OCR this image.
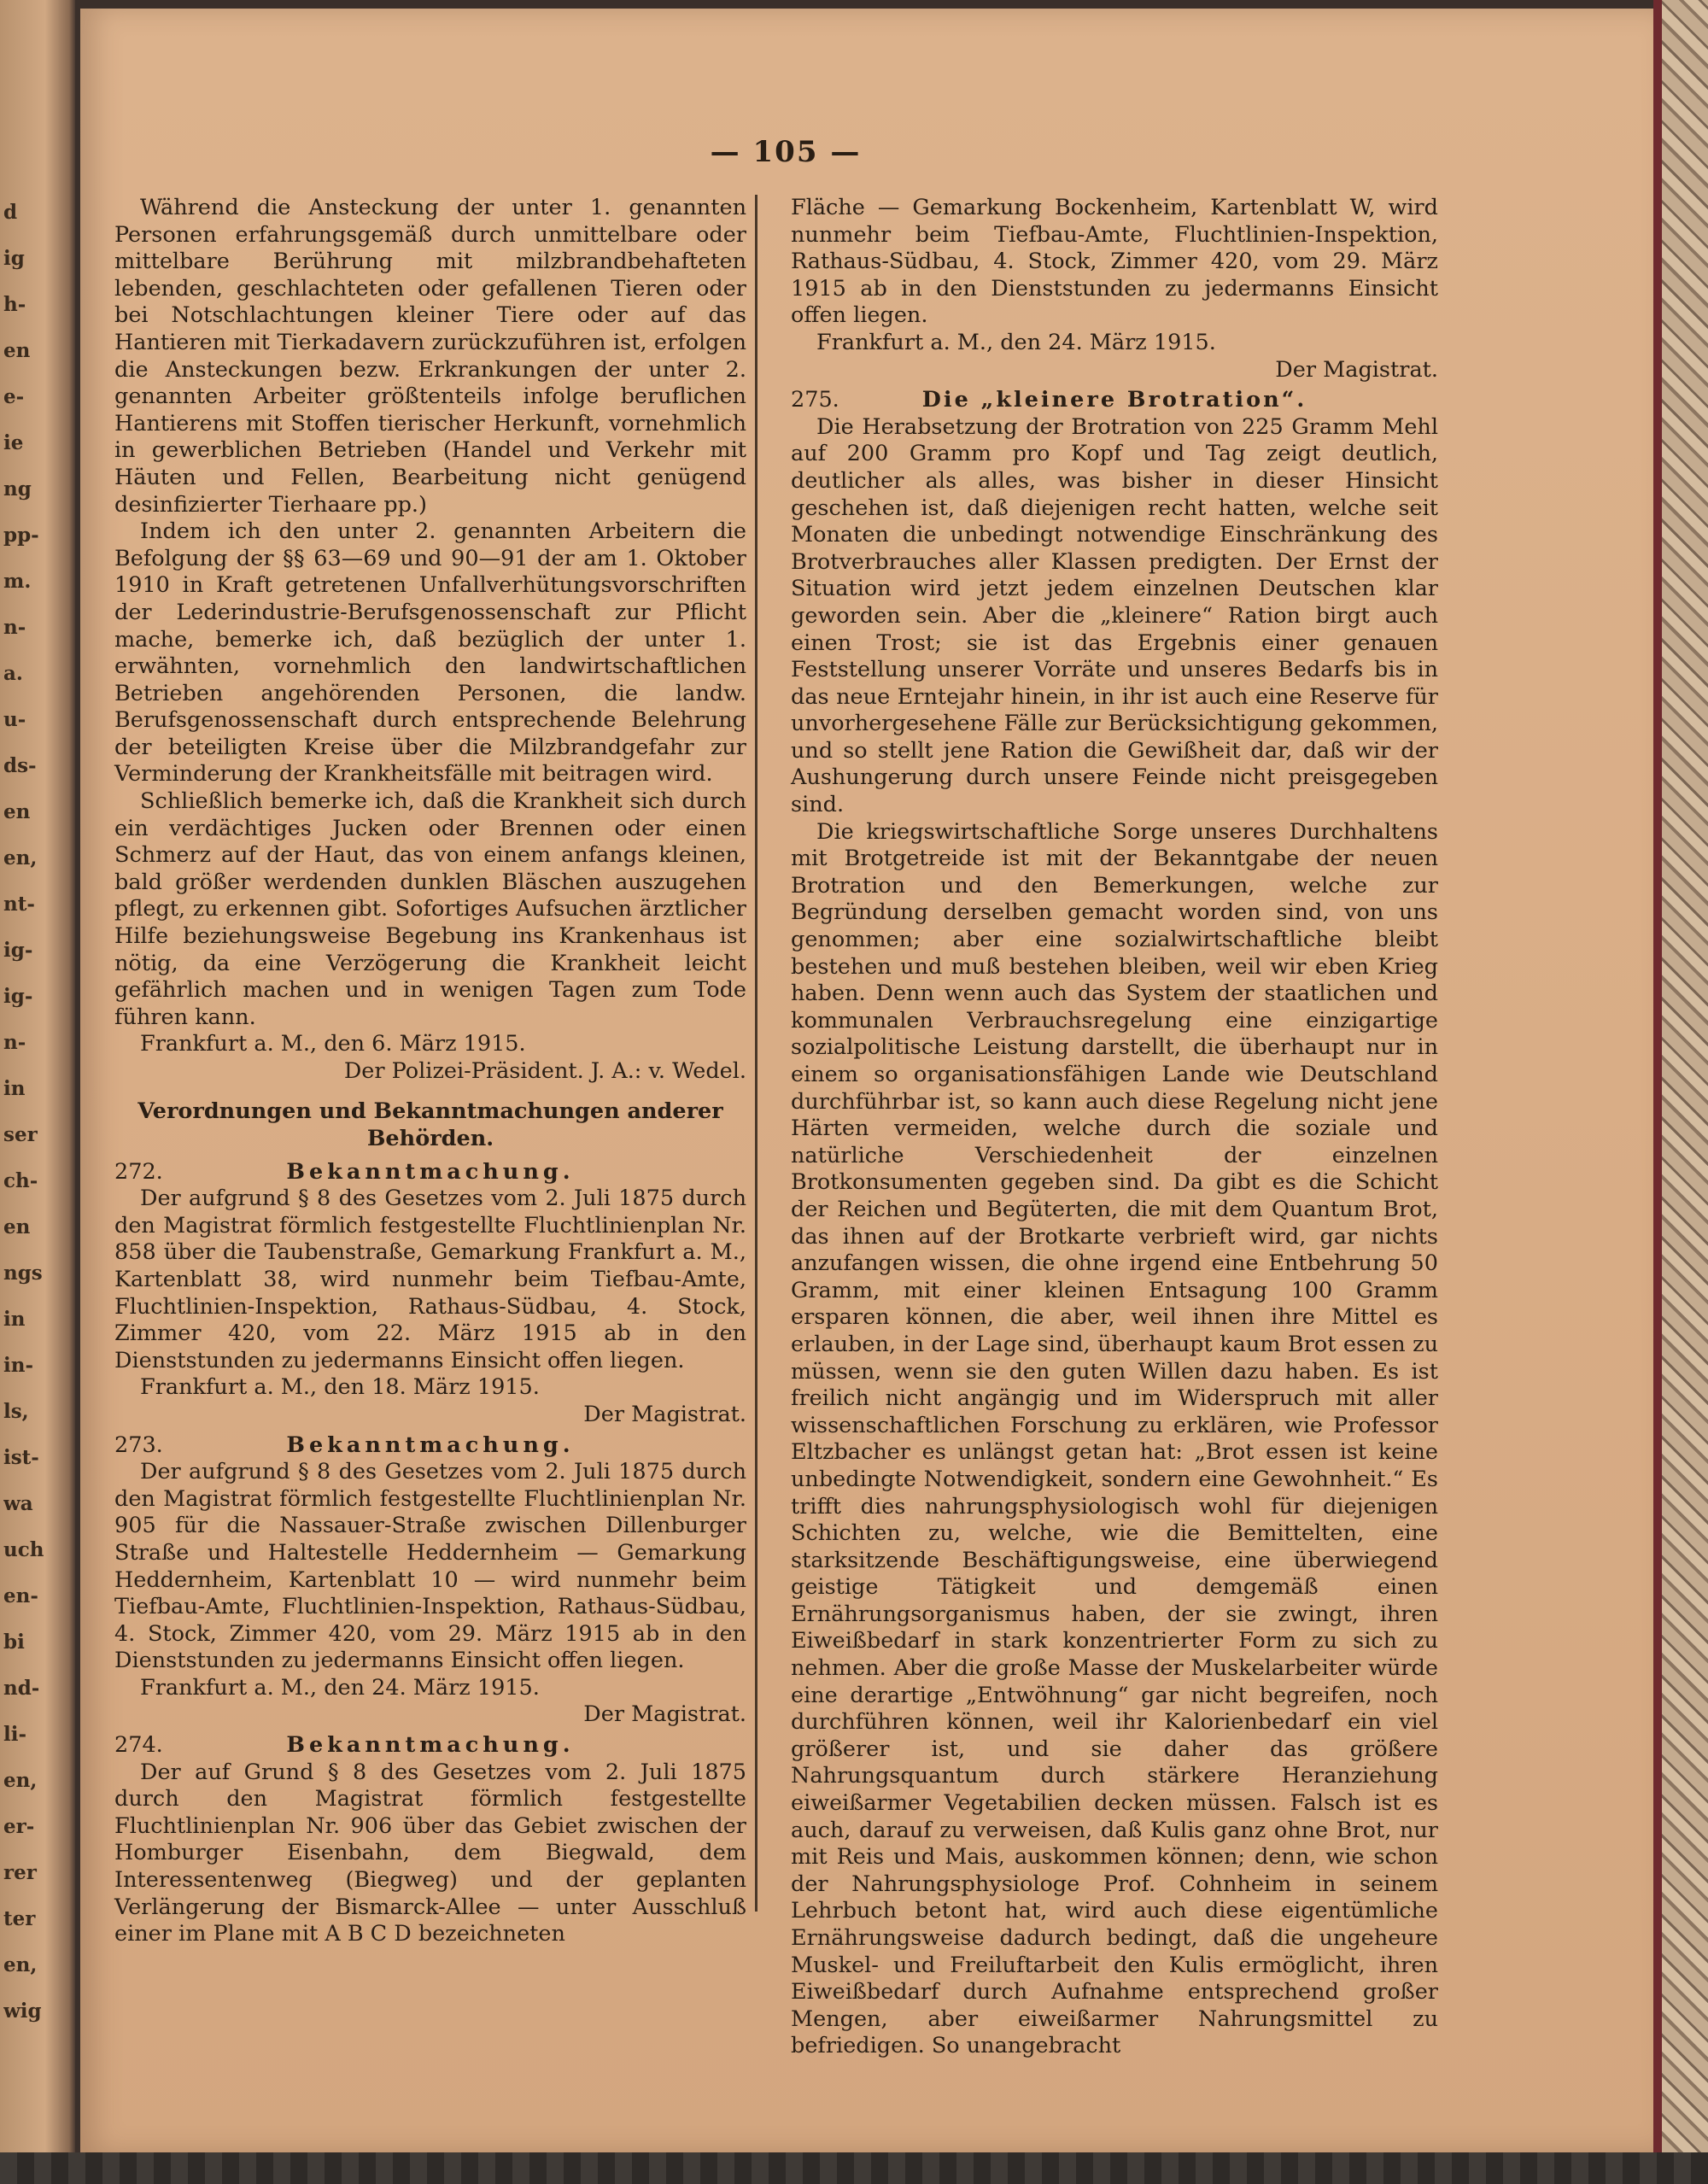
d
ig
h-
en
e-
ie
ng
pp-
m.
n-
a.
u-
ds-
en
en,
nt-
ig-
ig-
n-
in
ser
ch-
en
ngs
in
in-
ls,
ist-
wa
uch
en-
bi
nd-
li-
en,
er-
rer
ter
en,
wig
— 105 —

Während die Ansteckung der unter 1. genannten Personen erfahrungsgemäß durch unmittelbare oder mittelbare Berührung mit milzbrandbehafteten lebenden, geschlachteten oder gefallenen Tieren oder bei Notschlachtungen kleiner Tiere oder auf das Hantieren mit Tierkadavern zurückzuführen ist, erfolgen die Ansteckungen bezw. Erkrankungen der unter 2. genannten Arbeiter größtenteils infolge beruflichen Hantierens mit Stoffen tierischer Herkunft, vornehmlich in gewerblichen Betrieben (Handel und Verkehr mit Häuten und Fellen, Bearbeitung nicht genügend desinfizierter Tierhaare pp.)

Indem ich den unter 2. genannten Arbeitern die Befolgung der §§ 63—69 und 90—91 der am 1. Oktober 1910 in Kraft getretenen Unfallverhütungsvorschriften der Lederindustrie-Berufsgenossenschaft zur Pflicht mache, bemerke ich, daß bezüglich der unter 1. erwähnten, vornehmlich den landwirtschaftlichen Betrieben angehörenden Personen, die landw. Berufsgenossenschaft durch entsprechende Belehrung der beteiligten Kreise über die Milzbrandgefahr zur Verminderung der Krankheitsfälle mit beitragen wird.

Schließlich bemerke ich, daß die Krankheit sich durch ein verdächtiges Jucken oder Brennen oder einen Schmerz auf der Haut, das von einem anfangs kleinen, bald größer werdenden dunklen Bläschen auszugehen pflegt, zu erkennen gibt. Sofortiges Aufsuchen ärztlicher Hilfe beziehungsweise Begebung ins Krankenhaus ist nötig, da eine Verzögerung die Krankheit leicht gefährlich machen und in wenigen Tagen zum Tode führen kann.

Frankfurt a. M., den 6. März 1915.

Der Polizei-Präsident. J. A.: v. Wedel.

Verordnungen und Bekanntmachungen anderer Behörden.

272.	Bekanntmachung.

Der aufgrund § 8 des Gesetzes vom 2. Juli 1875 durch den Magistrat förmlich festgestellte Fluchtlinienplan Nr. 858 über die Taubenstraße, Gemarkung Frankfurt a. M., Kartenblatt 38, wird nunmehr beim Tiefbau-Amte, Fluchtlinien-Inspektion, Rathaus-Südbau, 4. Stock, Zimmer 420, vom 22. März 1915 ab in den Dienststunden zu jedermanns Einsicht offen liegen.

Frankfurt a. M., den 18. März 1915.

Der Magistrat.

273.	Bekanntmachung.

Der aufgrund § 8 des Gesetzes vom 2. Juli 1875 durch den Magistrat förmlich festgestellte Fluchtlinienplan Nr. 905 für die Nassauer-Straße zwischen Dillenburger Straße und Haltestelle Heddernheim — Gemarkung Heddernheim, Kartenblatt 10 — wird nunmehr beim Tiefbau-Amte, Fluchtlinien-Inspektion, Rathaus-Südbau, 4. Stock, Zimmer 420, vom 29. März 1915 ab in den Dienststunden zu jedermanns Einsicht offen liegen.

Frankfurt a. M., den 24. März 1915.

Der Magistrat.

274.	Bekanntmachung.

Der auf Grund § 8 des Gesetzes vom 2. Juli 1875 durch den Magistrat förmlich festgestellte Fluchtlinienplan Nr. 906 über das Gebiet zwischen der Homburger Eisenbahn, dem Biegwald, dem Interessentenweg (Biegweg) und der geplanten Verlängerung der Bismarck-Allee — unter Ausschluß einer im Plane mit A B C D bezeichneten

Fläche — Gemarkung Bockenheim, Kartenblatt W, wird nunmehr beim Tiefbau-Amte, Fluchtlinien-Inspektion, Rathaus-Südbau, 4. Stock, Zimmer 420, vom 29. März 1915 ab in den Dienststunden zu jedermanns Einsicht offen liegen.

Frankfurt a. M., den 24. März 1915.

Der Magistrat.

275.	Die „kleinere Brotration“.

Die Herabsetzung der Brotration von 225 Gramm Mehl auf 200 Gramm pro Kopf und Tag zeigt deutlich, deutlicher als alles, was bisher in dieser Hinsicht geschehen ist, daß diejenigen recht hatten, welche seit Monaten die unbedingt notwendige Einschränkung des Brotverbrauches aller Klassen predigten. Der Ernst der Situation wird jetzt jedem einzelnen Deutschen klar geworden sein. Aber die „kleinere“ Ration birgt auch einen Trost; sie ist das Ergebnis einer genauen Feststellung unserer Vorräte und unseres Bedarfs bis in das neue Erntejahr hinein, in ihr ist auch eine Reserve für unvorhergesehene Fälle zur Berücksichtigung gekommen, und so stellt jene Ration die Gewißheit dar, daß wir der Aushungerung durch unsere Feinde nicht preisgegeben sind.

Die kriegswirtschaftliche Sorge unseres Durchhaltens mit Brotgetreide ist mit der Bekanntgabe der neuen Brotration und den Bemerkungen, welche zur Begründung derselben gemacht worden sind, von uns genommen; aber eine sozialwirtschaftliche bleibt bestehen und muß bestehen bleiben, weil wir eben Krieg haben. Denn wenn auch das System der staatlichen und kommunalen Verbrauchsregelung eine einzigartige sozialpolitische Leistung darstellt, die überhaupt nur in einem so organisationsfähigen Lande wie Deutschland durchführbar ist, so kann auch diese Regelung nicht jene Härten vermeiden, welche durch die soziale und natürliche Verschiedenheit der einzelnen Brotkonsumenten gegeben sind. Da gibt es die Schicht der Reichen und Begüterten, die mit dem Quantum Brot, das ihnen auf der Brotkarte verbrieft wird, gar nichts anzufangen wissen, die ohne irgend eine Entbehrung 50 Gramm, mit einer kleinen Entsagung 100 Gramm ersparen können, die aber, weil ihnen ihre Mittel es erlauben, in der Lage sind, überhaupt kaum Brot essen zu müssen, wenn sie den guten Willen dazu haben. Es ist freilich nicht angängig und im Widerspruch mit aller wissenschaftlichen Forschung zu erklären, wie Professor Eltzbacher es unlängst getan hat: „Brot essen ist keine unbedingte Notwendigkeit, sondern eine Gewohnheit.“ Es trifft dies nahrungsphysiologisch wohl für diejenigen Schichten zu, welche, wie die Bemittelten, eine starksitzende Beschäftigungsweise, eine überwiegend geistige Tätigkeit und demgemäß einen Ernährungsorganismus haben, der sie zwingt, ihren Eiweißbedarf in stark konzentrierter Form zu sich zu nehmen. Aber die große Masse der Muskelarbeiter würde eine derartige „Entwöhnung“ gar nicht begreifen, noch durchführen können, weil ihr Kalorienbedarf ein viel größerer ist, und sie daher das größere Nahrungsquantum durch stärkere Heranziehung eiweißarmer Vegetabilien decken müssen. Falsch ist es auch, darauf zu verweisen, daß Kulis ganz ohne Brot, nur mit Reis und Mais, auskommen können; denn, wie schon der Nahrungsphysiologe Prof. Cohnheim in seinem Lehrbuch betont hat, wird auch diese eigentümliche Ernährungsweise dadurch bedingt, daß die ungeheure Muskel- und Freiluftarbeit den Kulis ermöglicht, ihren Eiweißbedarf durch Aufnahme entsprechend großer Mengen, aber eiweißarmer Nahrungsmittel zu befriedigen. So unangebracht
